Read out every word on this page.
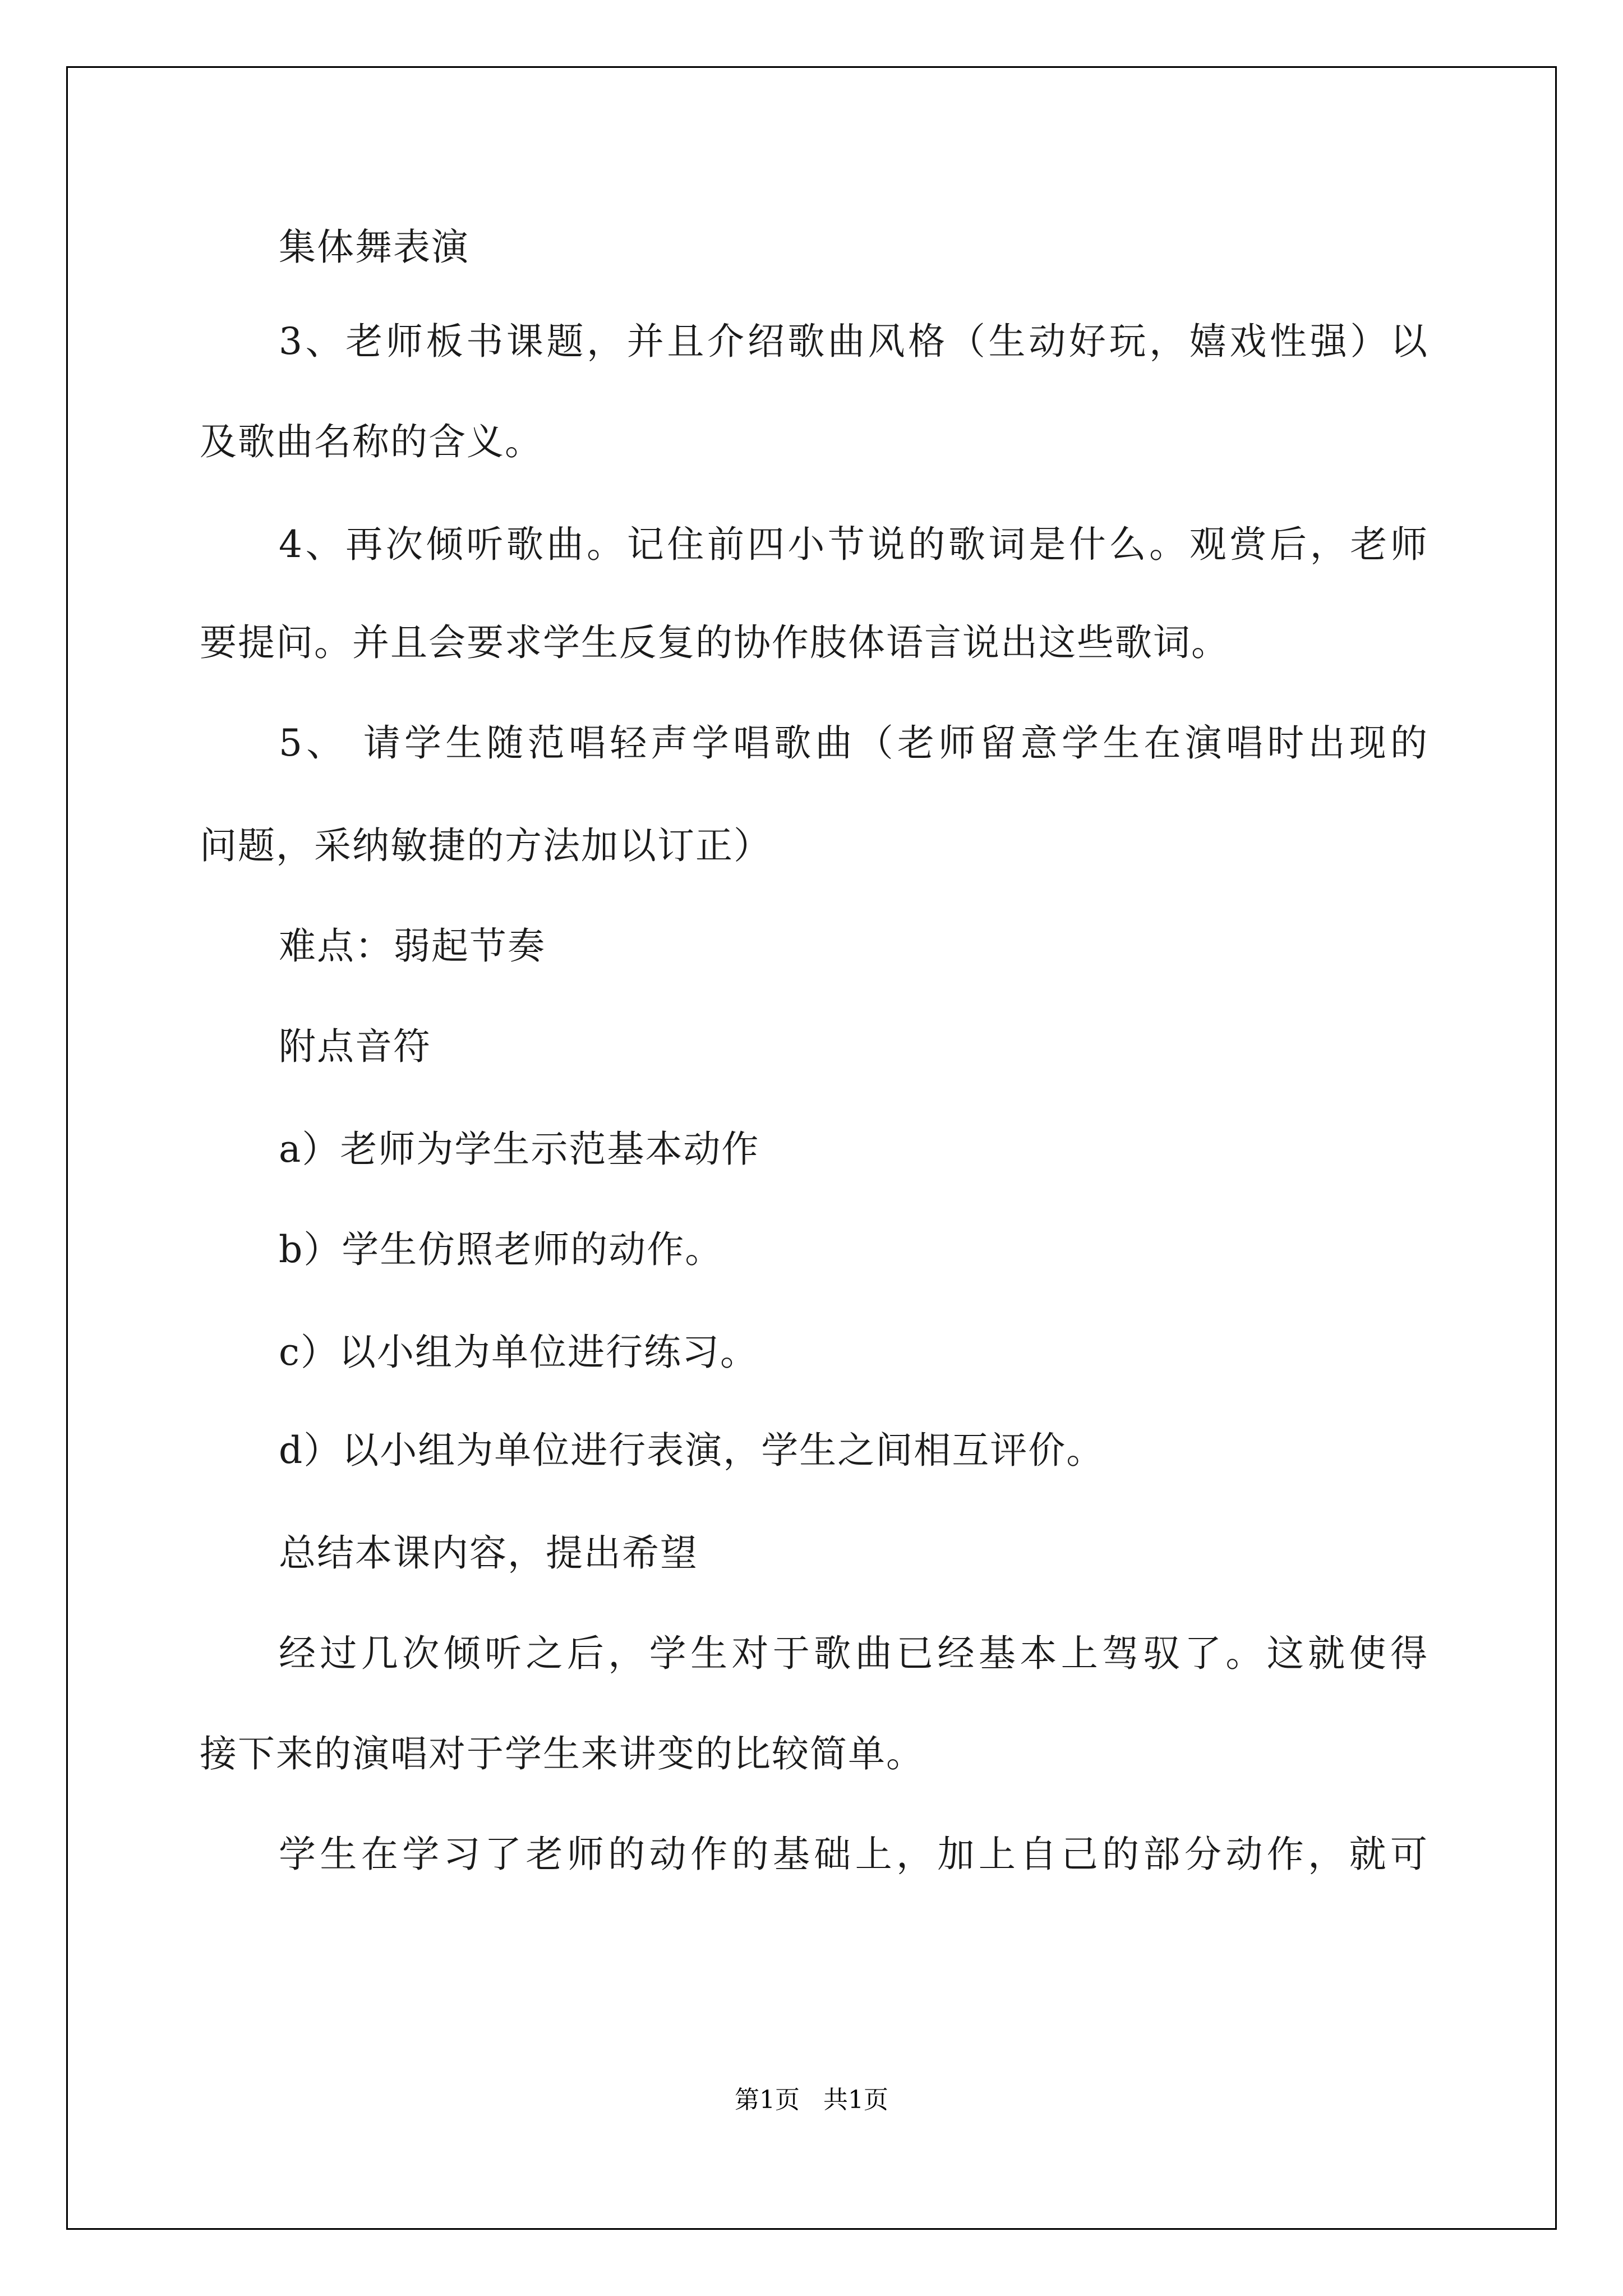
集体舞表演
3、老师板书课题，并且介绍歌曲风格（生动好玩，嬉戏性强）以
及歌曲名称的含义。
4、再次倾听歌曲。记住前四小节说的歌词是什么。观赏后，老师
要提问。并且会要求学生反复的协作肢体语言说出这些歌词。
5、 请学生随范唱轻声学唱歌曲（老师留意学生在演唱时出现的
问题，采纳敏捷的方法加以订正）
难点：弱起节奏
附点音符
a）老师为学生示范基本动作
b）学生仿照老师的动作。
c）以小组为单位进行练习。
d）以小组为单位进行表演，学生之间相互评价。
总结本课内容，提出希望
经过几次倾听之后，学生对于歌曲已经基本上驾驭了。这就使得
接下来的演唱对于学生来讲变的比较简单。
学生在学习了老师的动作的基础上，加上自己的部分动作，就可
第1页   共1页
